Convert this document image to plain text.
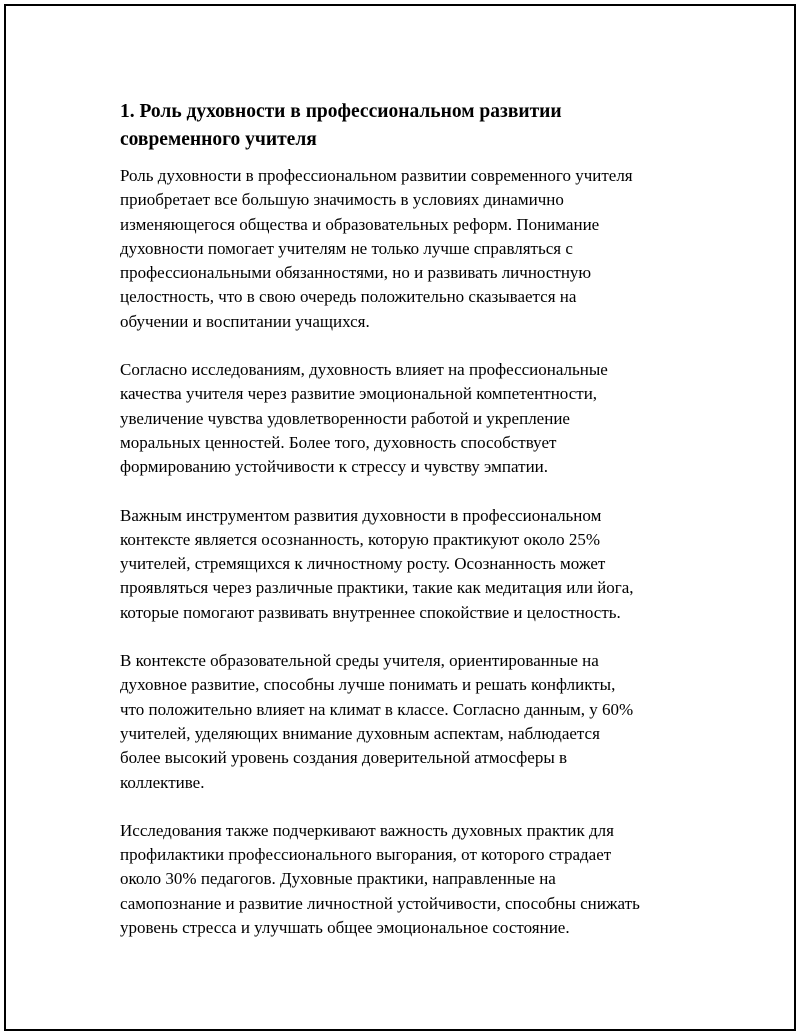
1. Роль духовности в профессиональном развитии
современного учителя

Роль духовности в профессиональном развитии современного учителя
приобретает все большую значимость в условиях динамично
изменяющегося общества и образовательных реформ. Понимание
духовности помогает учителям не только лучше справляться с
профессиональными обязанностями, но и развивать личностную
целостность, что в свою очередь положительно сказывается на
обучении и воспитании учащихся.

Согласно исследованиям, духовность влияет на профессиональные
качества учителя через развитие эмоциональной компетентности,
увеличение чувства удовлетворенности работой и укрепление
моральных ценностей. Более того, духовность способствует
формированию устойчивости к стрессу и чувству эмпатии.

Важным инструментом развития духовности в профессиональном
контексте является осознанность, которую практикуют около 25%
учителей, стремящихся к личностному росту. Осознанность может
проявляться через различные практики, такие как медитация или йога,
которые помогают развивать внутреннее спокойствие и целостность.

В контексте образовательной среды учителя, ориентированные на
духовное развитие, способны лучше понимать и решать конфликты,
что положительно влияет на климат в классе. Согласно данным, у 60%
учителей, уделяющих внимание духовным аспектам, наблюдается
более высокий уровень создания доверительной атмосферы в
коллективе.

Исследования также подчеркивают важность духовных практик для
профилактики профессионального выгорания, от которого страдает
около 30% педагогов. Духовные практики, направленные на
самопознание и развитие личностной устойчивости, способны снижать
уровень стресса и улучшать общее эмоциональное состояние.
